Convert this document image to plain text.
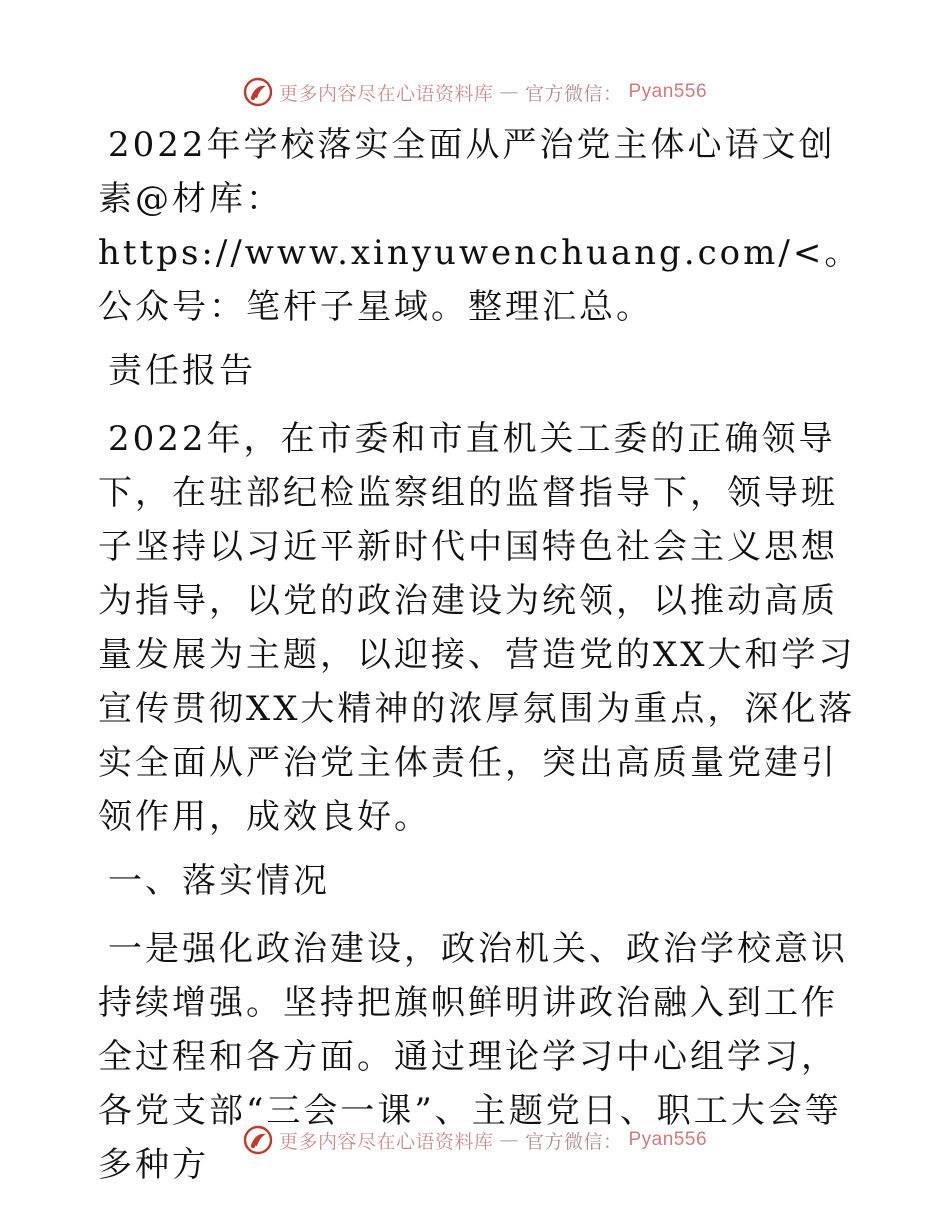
更多内容尽在心语资料库 — 官方微信： Pyan556

2022年学校落实全面从严治党主体心语文创素@材库：https://www.xinyuwenchuang.com/<。公众号：笔杆子星域。整理汇总。

责任报告

2022年，在市委和市直机关工委的正确领导下，在驻部纪检监察组的监督指导下，领导班子坚持以习近平新时代中国特色社会主义思想为指导，以党的政治建设为统领，以推动高质量发展为主题，以迎接、营造党的XX大和学习宣传贯彻XX大精神的浓厚氛围为重点，深化落实全面从严治党主体责任，突出高质量党建引领作用，成效良好。

一、落实情况

一是强化政治建设，政治机关、政治学校意识持续增强。坚持把旗帜鲜明讲政治融入到工作全过程和各方面。通过理论学习中心组学习，各党支部“三会一课”、主题党日、职工大会等多种方

更多内容尽在心语资料库 — 官方微信： Pyan556
